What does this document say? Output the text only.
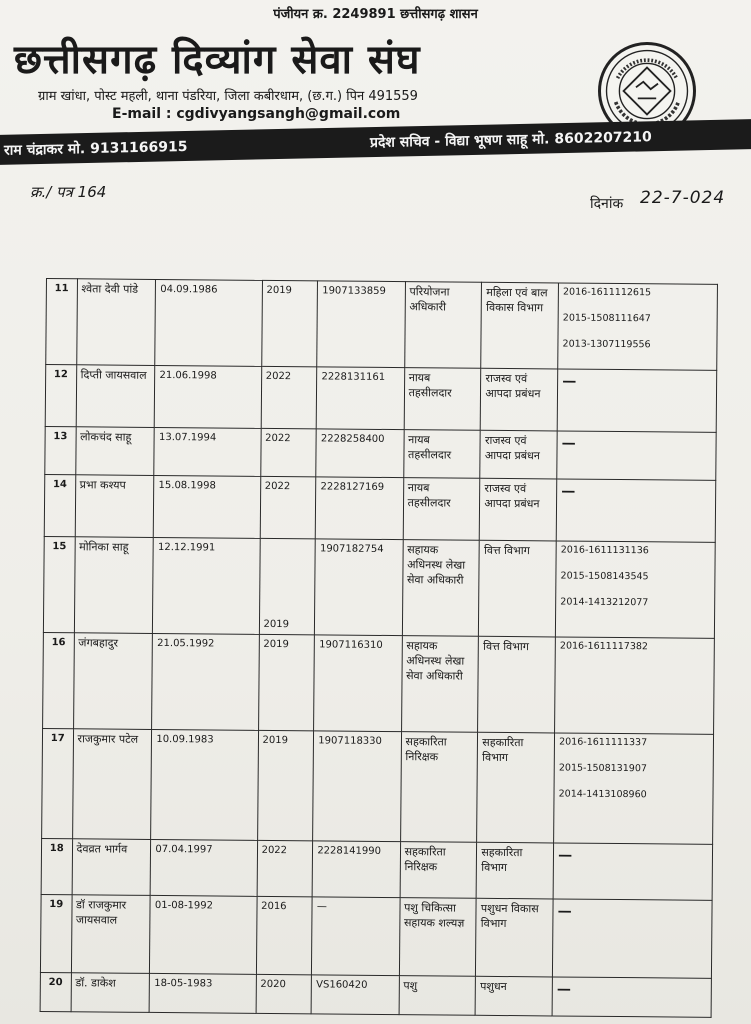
पंजीयन क्र. 2249891 छत्तीसगढ़ शासन
छत्तीसगढ़ दिव्यांग सेवा संघ
ग्राम खांधा, पोस्ट महली, थाना पंडरिया, जिला कबीरधाम, (छ.ग.) पिन 491559
E-mail : cgdivyangsangh@gmail.com
राम चंद्राकर मो. 9131166915	प्रदेश सचिव - विद्या भूषण साहू मो. 8602207210
क्र./ पत्र 164
दिनांक 22-7-024
11	श्वेता देवी पांडे	04.09.1986	2019	1907133859	परियोजना अधिकारी	महिला एवं बाल विकास विभाग	2016-1611112615
2015-1508111647
2013-1307119556

12	दिप्ती जायसवाल	21.06.1998	2022	2228131161	नायब तहसीलदार	राजस्व एवं आपदा प्रबंधन	—

13	लोकचंद साहू	13.07.1994	2022	2228258400	नायब तहसीलदार	राजस्व एवं आपदा प्रबंधन	—

14	प्रभा कश्यप	15.08.1998	2022	2228127169	नायब तहसीलदार	राजस्व एवं आपदा प्रबंधन	—

15	मोनिका साहू	12.12.1991	2019	1907182754	सहायक अधिनस्थ लेखा सेवा अधिकारी	वित्त विभाग	2016-1611131136
2015-1508143545
2014-1413212077

16	जंगबहादुर	21.05.1992	2019	1907116310	सहायक अधिनस्थ लेखा सेवा अधिकारी	वित्त विभाग	2016-1611117382

17	राजकुमार पटेल	10.09.1983	2019	1907118330	सहकारिता निरिक्षक	सहकारिता विभाग	2016-1611111337
2015-1508131907
2014-1413108960

18	देवव्रत भार्गव	07.04.1997	2022	2228141990	सहकारिता निरिक्षक	सहकारिता विभाग	—

19	डॉ राजकुमार जायसवाल	01-08-1992	2016	—	पशु चिकित्सा सहायक शल्यज्ञ	पशुधन विकास विभाग	—

20	डॉ. डाकेश	18-05-1983	2020	VS160420	पशु	पशुधन	—
